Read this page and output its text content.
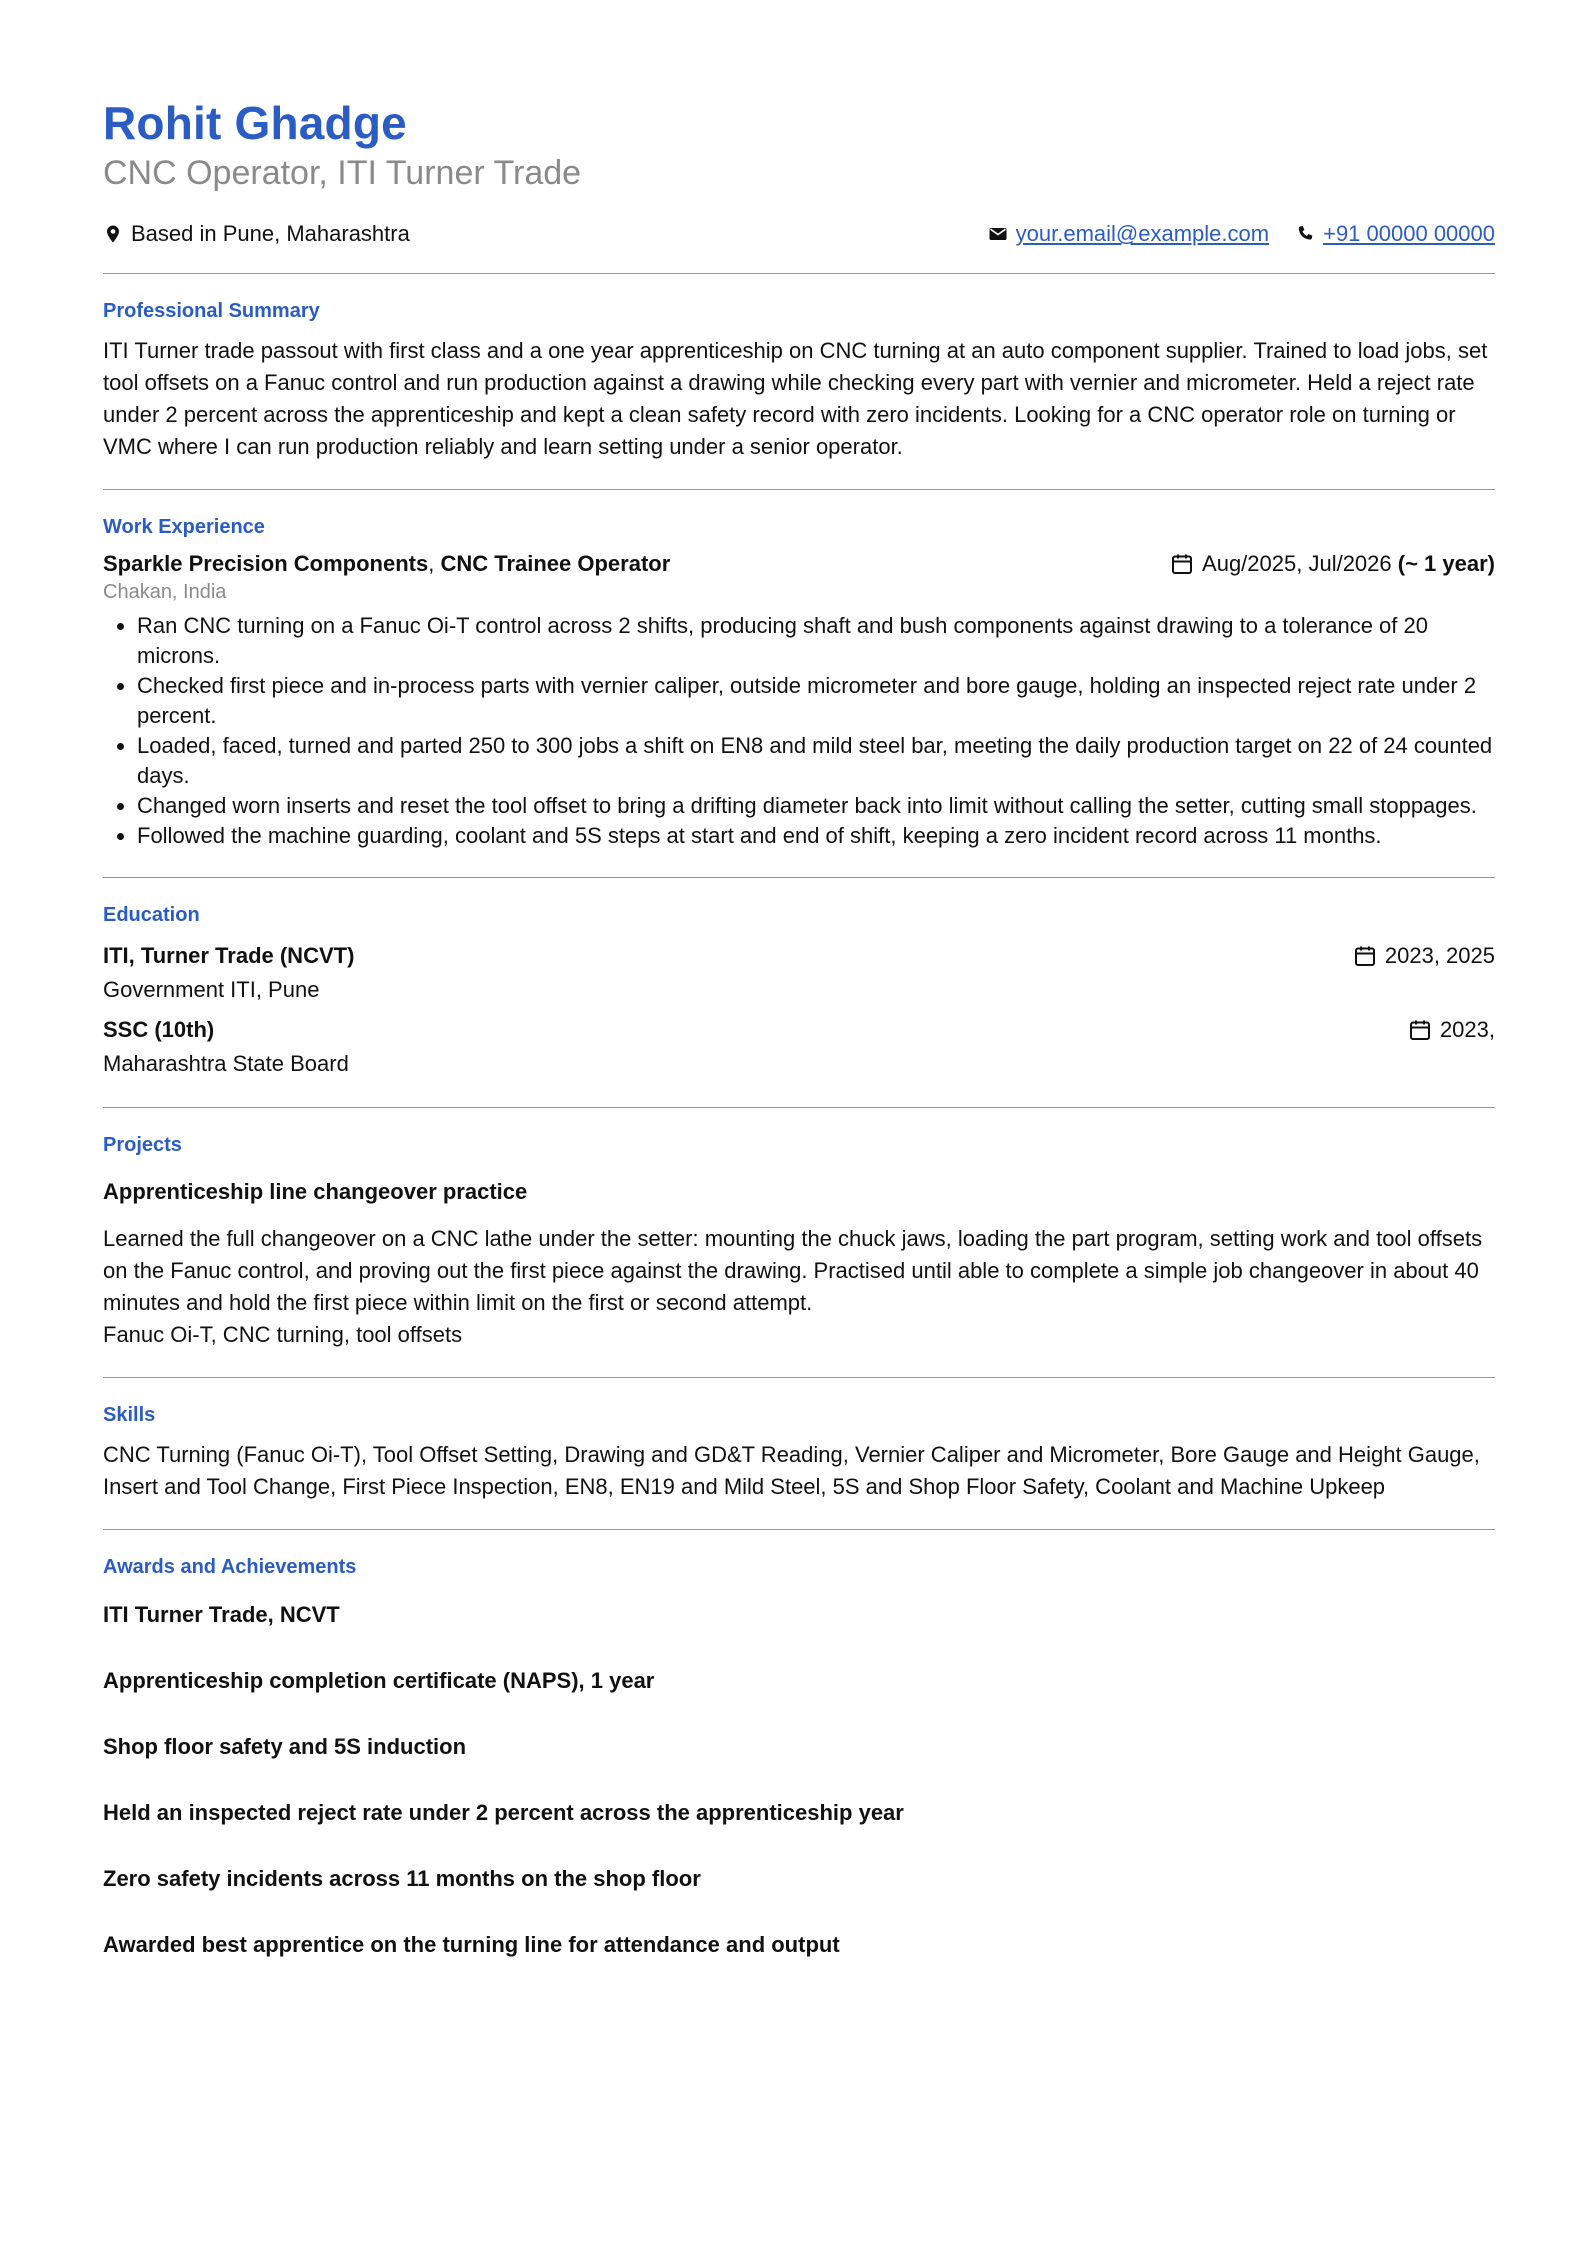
Rohit Ghadge
CNC Operator, ITI Turner Trade
Based in Pune, Maharashtra	your.email@example.com +91 00000 00000
Professional Summary

ITI Turner trade passout with first class and a one year apprenticeship on CNC turning at an auto component supplier. Trained to load jobs, set tool offsets on a Fanuc control and run production against a drawing while checking every part with vernier and micrometer. Held a reject rate under 2 percent across the apprenticeship and kept a clean safety record with zero incidents. Looking for a CNC operator role on turning or VMC where I can run production reliably and learn setting under a senior operator.

Work Experience
Sparkle Precision Components, CNC Trainee Operator	Aug/2025, Jul/2026
(~ 1 year)
Chakan, India
• Ran CNC turning on a Fanuc Oi-T control across 2 shifts, producing shaft and bush components against drawing to a tolerance of 20 microns.
• Checked first piece and in-process parts with vernier caliper, outside micrometer and bore gauge, holding an inspected reject rate under 2 percent.
• Loaded, faced, turned and parted 250 to 300 jobs a shift on EN8 and mild steel bar, meeting the daily production target on 22 of 24 counted days.
• Changed worn inserts and reset the tool offset to bring a drifting diameter back into limit without calling the setter, cutting small stoppages.
• Followed the machine guarding, coolant and 5S steps at start and end of shift, keeping a zero incident record across 11 months.
Education
ITI, Turner Trade (NCVT)	2023, 2025
Government ITI, Pune
SSC (10th)	2023,
Maharashtra State Board
Projects
Apprenticeship line changeover practice

Learned the full changeover on a CNC lathe under the setter: mounting the chuck jaws, loading the part program, setting work and tool offsets on the Fanuc control, and proving out the first piece against the drawing. Practised until able to complete a simple job changeover in about 40 minutes and hold the first piece within limit on the first or second attempt.

Fanuc Oi-T, CNC turning, tool offsets

Skills

CNC Turning (Fanuc Oi-T), Tool Offset Setting, Drawing and GD&T Reading, Vernier Caliper and Micrometer, Bore Gauge and Height Gauge, Insert and Tool Change, First Piece Inspection, EN8, EN19 and Mild Steel, 5S and Shop Floor Safety, Coolant and Machine Upkeep

Awards and Achievements
ITI Turner Trade, NCVT
Apprenticeship completion certificate (NAPS), 1 year
Shop floor safety and 5S induction
Held an inspected reject rate under 2 percent across the apprenticeship year
Zero safety incidents across 11 months on the shop floor
Awarded best apprentice on the turning line for attendance and output
